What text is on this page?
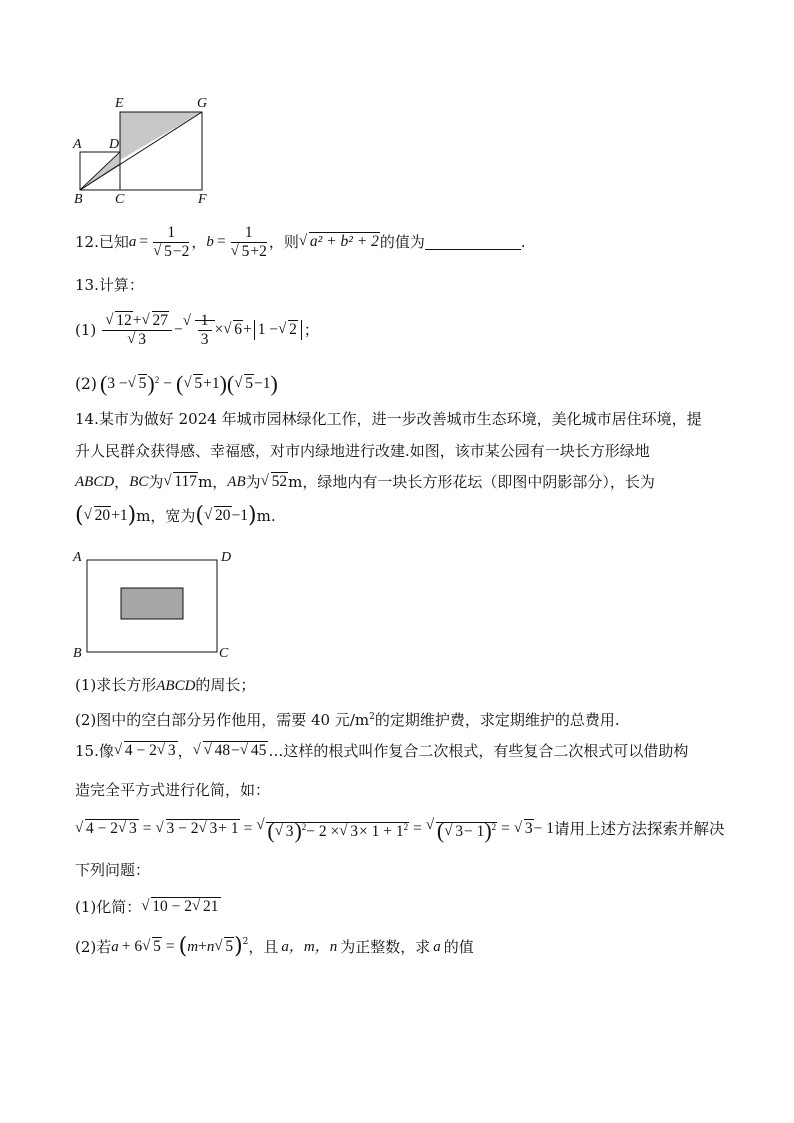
E	G
A D
B C	F
12.已知 a = 1
√ 5−2 ， b = 1
√ 5+2 ，则 √ a² + b² + 2 的值为	.
13.计算：
(1) √ 12+ √ 27
√ 3 − √ $\frac{1}{3}$ × √ 6 + 1 − √ 2 ；
(2) ( 3 − √ 5 )$^2$ − ( √ 5 +1 ) ( √ 5 −1 )
14.某市为做好 2024 年城市园林绿化工作，进一步改善城市生态环境，美化城市居住环境，提
升人民群众获得感、幸福感，对市内绿地进行改建.如图，该市某公园有一块长方形绿地
ABCD ， BC 为 √ 117 m， AB 为 √ 52 m，绿地内有一块长方形花坛（即图中阴影部分），长为
( √ 20 +1 ) m，宽为 ( √ 20 −1 ) m.
A	D
B	C
(1)求长方形ABCD的周长；
(2)图中的空白部分另作他用，需要 40 元$/m^2$的定期维护费，求定期维护的总费用.
15.像 √ 4 − 2 √ 3 ，	√ √ 48− √ 45 …这样的根式叫作复合二次根式，有些复合二次根式可以借助构
造完全平方式进行化简，如：
√ 4 − 2 √ 3 = √ 3 − 2 √ 3+ 1 = √ ( √ 3)$^2$− 2 × √ $3\times 1 + 1^2$ = √ ( √ 3− 1)$^2$ = √ 3 − 1 请用上述方法探索并解决
下列问题：
(1)化简： √ 10 − 2 √ 21
(2)若 a + 6 √ 5 = ( m + n √ 5 )$^2$ ，且 a，m，n 为正整数，求 a 的值
